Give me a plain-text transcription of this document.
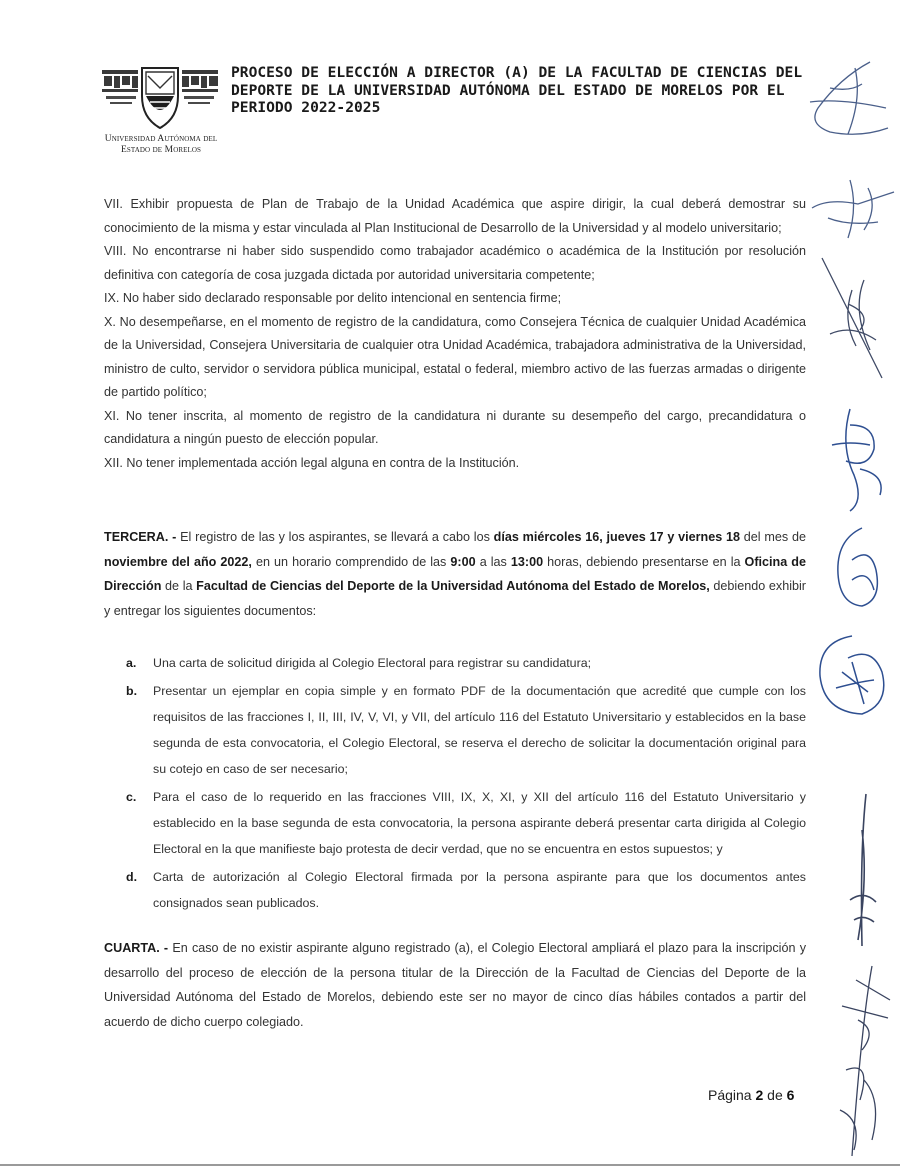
Universidad Autónoma del
Estado de Morelos
PROCESO DE ELECCIÓN A DIRECTOR (A) DE LA FACULTAD DE CIENCIAS DEL DEPORTE DE LA UNIVERSIDAD AUTÓNOMA DEL ESTADO DE MORELOS POR EL PERIODO 2022-2025

VII. Exhibir propuesta de Plan de Trabajo de la Unidad Académica que aspire dirigir, la cual deberá demostrar su conocimiento de la misma y estar vinculada al Plan Institucional de Desarrollo de la Universidad y al modelo universitario;

VIII. No encontrarse ni haber sido suspendido como trabajador académico o académica de la Institución por resolución definitiva con categoría de cosa juzgada dictada por autoridad universitaria competente;

IX. No haber sido declarado responsable por delito intencional en sentencia firme;

X. No desempeñarse, en el momento de registro de la candidatura, como Consejera Técnica de cualquier Unidad Académica de la Universidad, Consejera Universitaria de cualquier otra Unidad Académica, trabajadora administrativa de la Universidad, ministro de culto, servidor o servidora pública municipal, estatal o federal, miembro activo de las fuerzas armadas o dirigente de partido político;

XI. No tener inscrita, al momento de registro de la candidatura ni durante su desempeño del cargo, precandidatura o candidatura a ningún puesto de elección popular.

XII. No tener implementada acción legal alguna en contra de la Institución.

TERCERA. - El registro de las y los aspirantes, se llevará a cabo los días miércoles 16, jueves 17 y viernes 18 del mes de noviembre del año 2022, en un horario comprendido de las 9:00 a las 13:00 horas, debiendo presentarse en la Oficina de Dirección de la Facultad de Ciencias del Deporte de la Universidad Autónoma del Estado de Morelos, debiendo exhibir y entregar los siguientes documentos:

a.	Una carta de solicitud dirigida al Colegio Electoral para registrar su candidatura;
b.	Presentar un ejemplar en copia simple y en formato PDF de la documentación que acredité que cumple con los requisitos de las fracciones I, II, III, IV, V, VI, y VII, del artículo 116 del Estatuto Universitario y establecidos en la base segunda de esta convocatoria, el Colegio Electoral, se reserva el derecho de solicitar la documentación original para su cotejo en caso de ser necesario;
c.	Para el caso de lo requerido en las fracciones VIII, IX, X, XI, y XII del artículo 116 del Estatuto Universitario y establecido en la base segunda de esta convocatoria, la persona aspirante deberá presentar carta dirigida al Colegio Electoral en la que manifieste bajo protesta de decir verdad, que no se encuentra en estos supuestos; y
d.	Carta de autorización al Colegio Electoral firmada por la persona aspirante para que los documentos antes consignados sean publicados.

CUARTA. - En caso de no existir aspirante alguno registrado (a), el Colegio Electoral ampliará el plazo para la inscripción y desarrollo del proceso de elección de la persona titular de la Dirección de la Facultad de Ciencias del Deporte de la Universidad Autónoma del Estado de Morelos, debiendo este ser no mayor de cinco días hábiles contados a partir del acuerdo de dicho cuerpo colegiado.

Página 2 de 6
